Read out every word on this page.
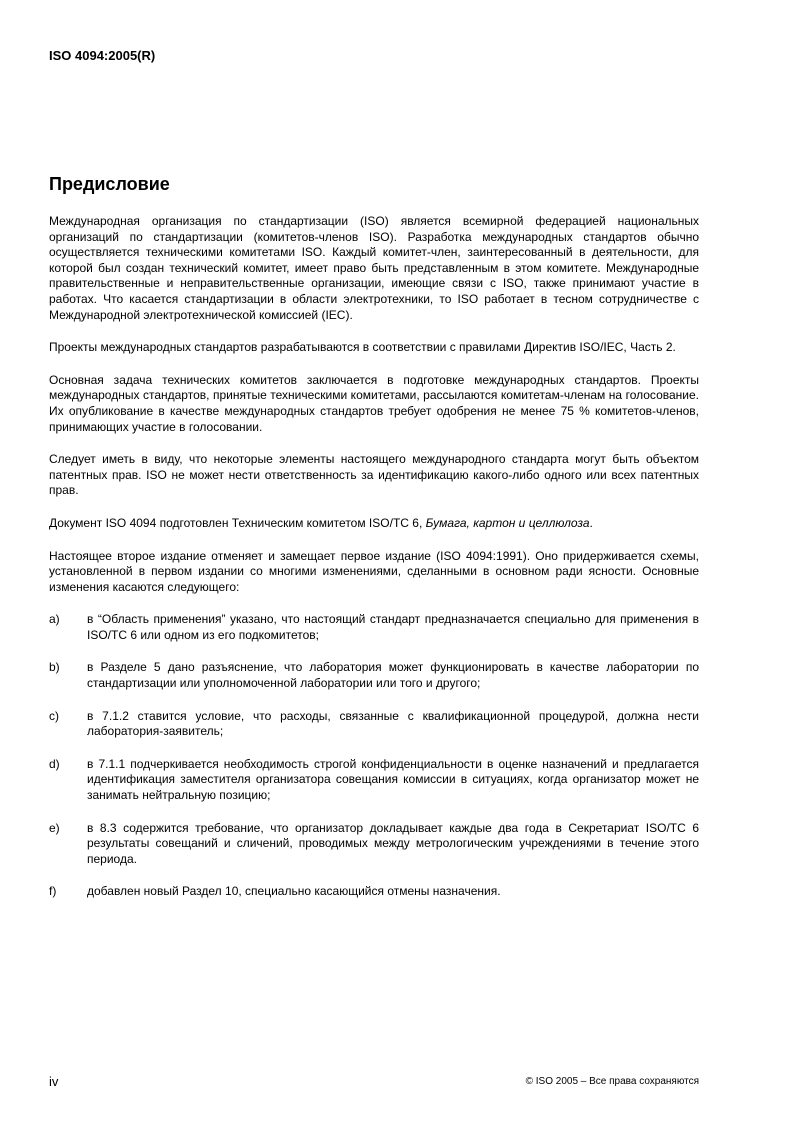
ISO 4094:2005(R)
Предисловие

Международная организация по стандартизации (ISO) является всемирной федерацией национальных организаций по стандартизации (комитетов-членов ISO). Разработка международных стандартов обычно осуществляется техническими комитетами ISO. Каждый комитет-член, заинтересованный в деятельности, для которой был создан технический комитет, имеет право быть представленным в этом комитете. Международные правительственные и неправительственные организации, имеющие связи с ISO, также принимают участие в работах. Что касается стандартизации в области электротехники, то ISO работает в тесном сотрудничестве с Международной электротехнической комиссией (IEC).

Проекты международных стандартов разрабатываются в соответствии с правилами Директив ISO/IEC, Часть 2.

Основная задача технических комитетов заключается в подготовке международных стандартов. Проекты международных стандартов, принятые техническими комитетами, рассылаются комитетам-членам на голосование. Их опубликование в качестве международных стандартов требует одобрения не менее 75 % комитетов-членов, принимающих участие в голосовании.

Следует иметь в виду, что некоторые элементы настоящего международного стандарта могут быть объектом патентных прав. ISO не может нести ответственность за идентификацию какого-либо одного или всех патентных прав.

Документ ISO 4094 подготовлен Техническим комитетом ISO/TC 6, Бумага, картон и целлюлоза.

Настоящее второе издание отменяет и замещает первое издание (ISO 4094:1991). Оно придерживается схемы, установленной в первом издании со многими изменениями, сделанными в основном ради ясности. Основные изменения касаются следующего:

a) в “Область применения” указано, что настоящий стандарт предназначается специально для применения в ISO/TC 6 или одном из его подкомитетов;
b) в Разделе 5 дано разъяснение, что лаборатория может функционировать в качестве лаборатории по стандартизации или уполномоченной лаборатории или того и другого;
c) в 7.1.2 ставится условие, что расходы, связанные с квалификационной процедурой, должна нести лаборатория-заявитель;
d) в 7.1.1 подчеркивается необходимость строгой конфиденциальности в оценке назначений и предлагается идентификация заместителя организатора совещания комиссии в ситуациях, когда организатор может не занимать нейтральную позицию;
e) в 8.3 содержится требование, что организатор докладывает каждые два года в Секретариат ISO/TC 6 результаты совещаний и сличений, проводимых между метрологическим учреждениями в течение этого периода.
f)	добавлен новый Раздел 10, специально касающийся отмены назначения.
iv	© ISO 2005 – Все права сохраняются
